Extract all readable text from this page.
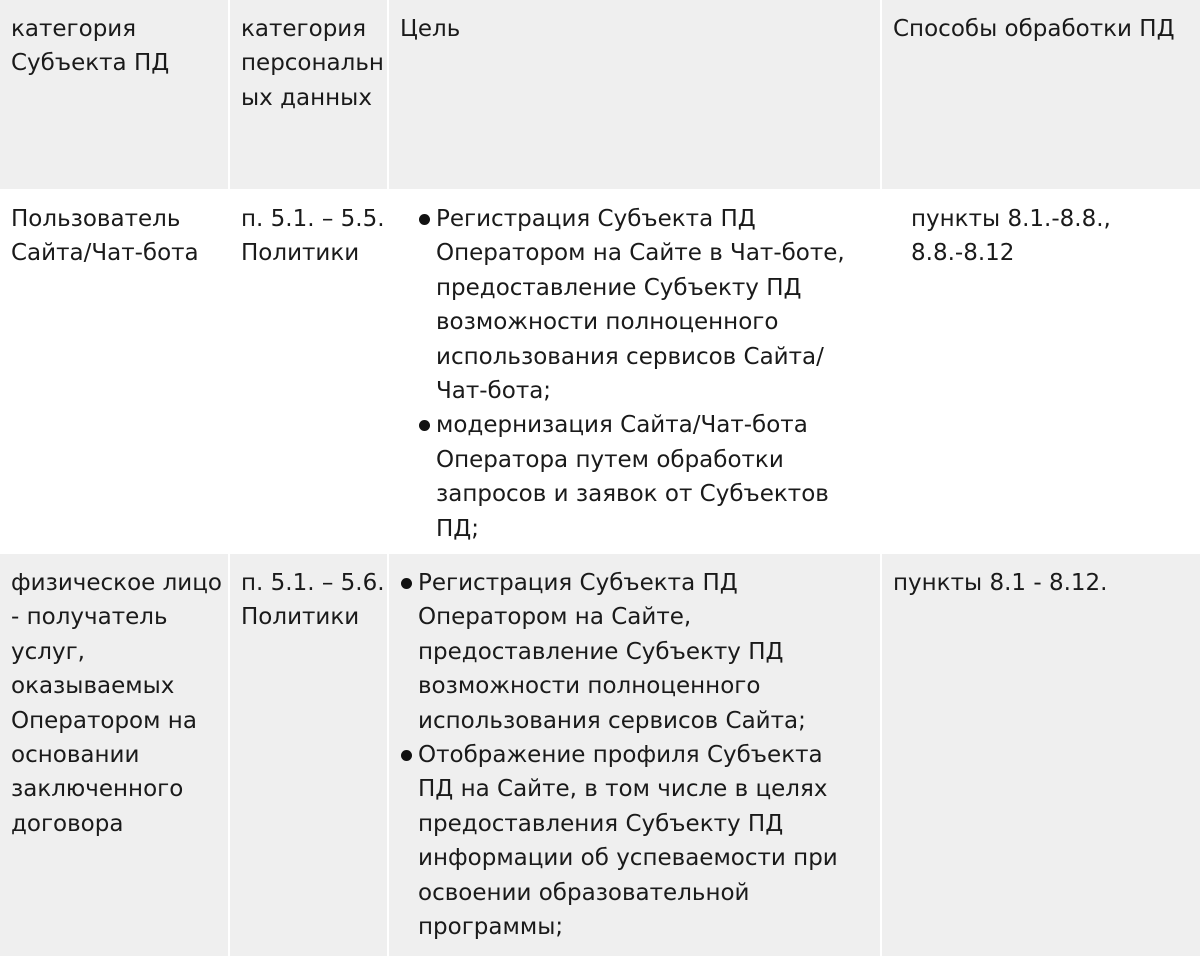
категория Субъекта ПД
категория персональных данных
Цель	Способы обработки ПД
Пользователь Сайта/Чат-бота
п. 5.1. – 5.5.Политики
Регистрация Субъекта ПД Оператором на Сайте в Чат-боте, предоставление Субъекту ПД возможности полноценного использования сервисов Сайта/Чат-бота;
модернизация Сайта/Чат-бота Оператора путем обработки запросов и заявок от Субъектов ПД;
пункты 8.1.-8.8., 8.8.-8.12
физическое лицо - получатель услуг, оказываемых Оператором на основании заключенного договора
п. 5.1. – 5.6. Политики
Регистрация Субъекта ПД Оператором на Сайте, предоставление Субъекту ПД возможности полноценного использования сервисов Сайта;
Отображение профиля Субъекта ПД на Сайте, в том числе в целях предоставления Субъекту ПД информации об успеваемости при освоении образовательной программы;
пункты 8.1 - 8.12.
